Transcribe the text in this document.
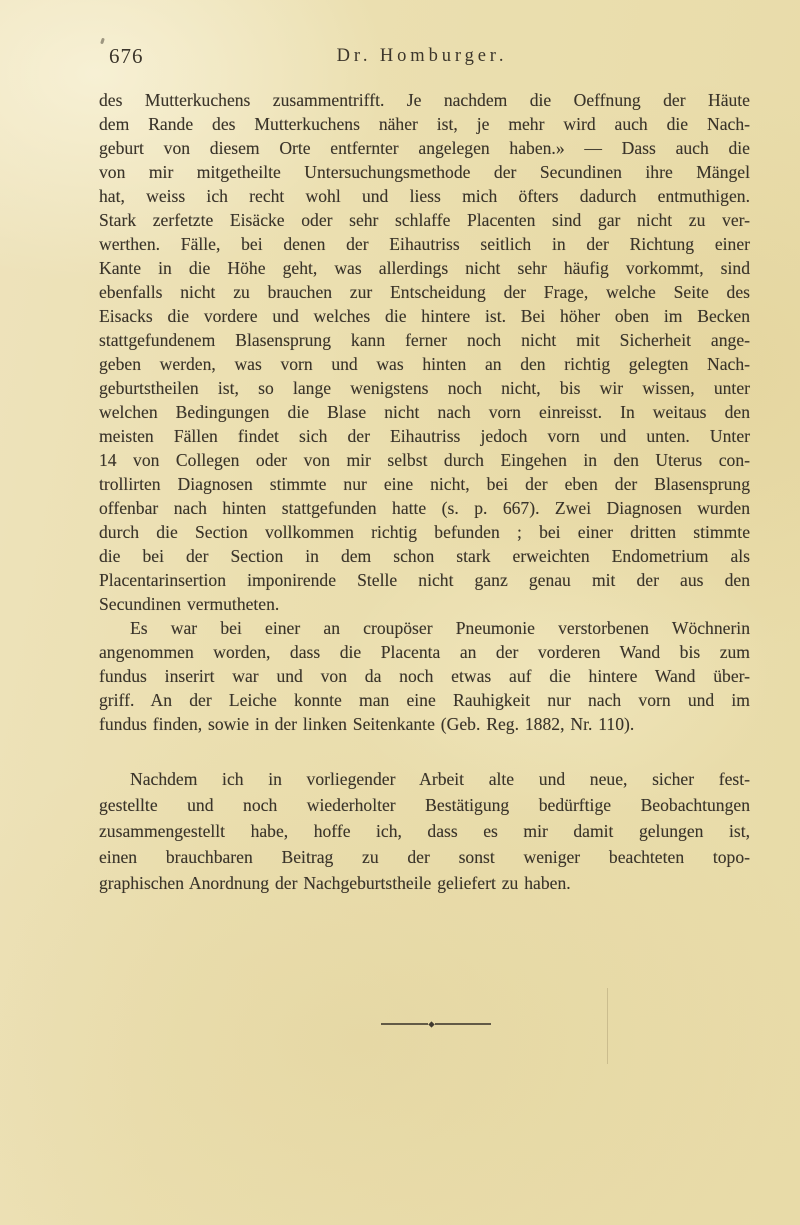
676	Dr. Homburger.
des Mutterkuchens zusammentrifft. Je nachdem die Oeffnung der Häute
dem Rande des Mutterkuchens näher ist, je mehr wird auch die Nach-
geburt von diesem Orte entfernter angelegen haben.» — Dass auch die
von mir mitgetheilte Untersuchungsmethode der Secundinen ihre Mängel
hat, weiss ich recht wohl und liess mich öfters dadurch entmuthigen.
Stark zerfetzte Eisäcke oder sehr schlaffe Placenten sind gar nicht zu ver-
werthen. Fälle, bei denen der Eihautriss seitlich in der Richtung einer
Kante in die Höhe geht, was allerdings nicht sehr häufig vorkommt, sind
ebenfalls nicht zu brauchen zur Entscheidung der Frage, welche Seite des
Eisacks die vordere und welches die hintere ist. Bei höher oben im Becken
stattgefundenem Blasensprung kann ferner noch nicht mit Sicherheit ange-
geben werden, was vorn und was hinten an den richtig gelegten Nach-
geburtstheilen ist, so lange wenigstens noch nicht, bis wir wissen, unter
welchen Bedingungen die Blase nicht nach vorn einreisst. In weitaus den
meisten Fällen findet sich der Eihautriss jedoch vorn und unten. Unter
14 von Collegen oder von mir selbst durch Eingehen in den Uterus con-
trollirten Diagnosen stimmte nur eine nicht, bei der eben der Blasensprung
offenbar nach hinten stattgefunden hatte (s. p. 667). Zwei Diagnosen wurden
durch die Section vollkommen richtig befunden ; bei einer dritten stimmte
die bei der Section in dem schon stark erweichten Endometrium als
Placentarinsertion imponirende Stelle nicht ganz genau mit der aus den
Secundinen vermutheten.
Es war bei einer an croupöser Pneumonie verstorbenen Wöchnerin
angenommen worden, dass die Placenta an der vorderen Wand bis zum
fundus inserirt war und von da noch etwas auf die hintere Wand über-
griff. An der Leiche konnte man eine Rauhigkeit nur nach vorn und im
fundus finden, sowie in der linken Seitenkante (Geb. Reg. 1882, Nr. 110).
Nachdem ich in vorliegender Arbeit alte und neue, sicher fest-
gestellte und noch wiederholter Bestätigung bedürftige Beobachtungen
zusammengestellt habe, hoffe ich, dass es mir damit gelungen ist,
einen brauchbaren Beitrag zu der sonst weniger beachteten topo-
graphischen Anordnung der Nachgeburtstheile geliefert zu haben.
